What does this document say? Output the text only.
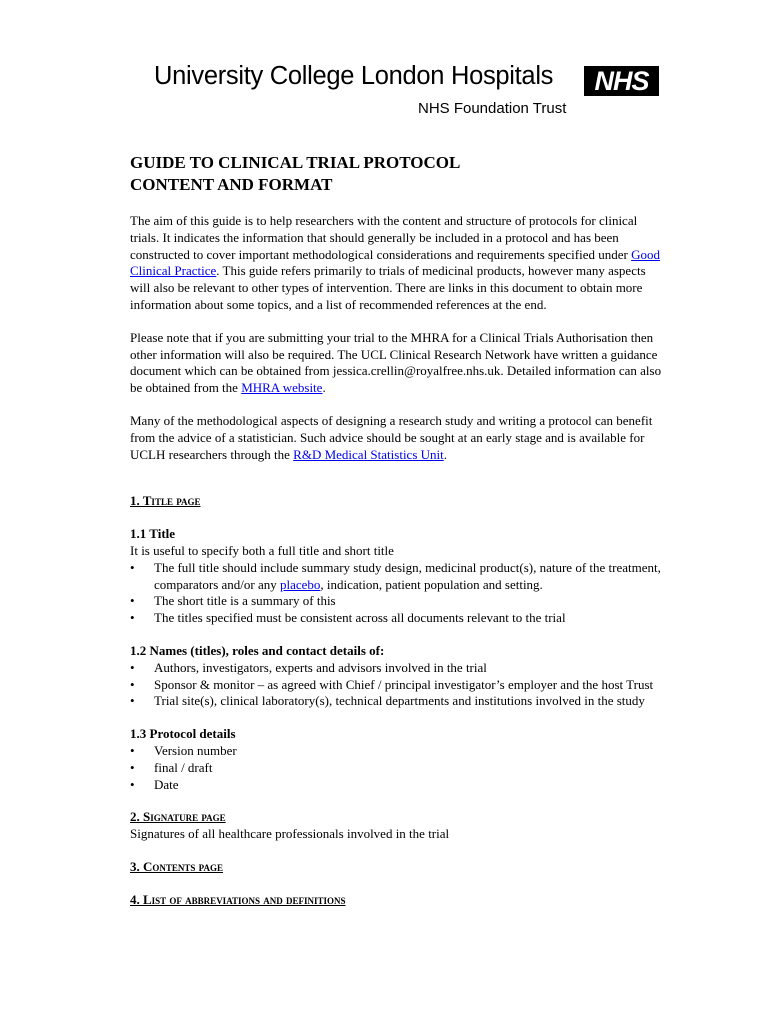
University College London Hospitals
NHS Foundation Trust
NHS
GUIDE TO CLINICAL TRIAL PROTOCOL
CONTENT AND FORMAT

The aim of this guide is to help researchers with the content and structure of protocols for clinical trials. It indicates the information that should generally be included in a protocol and has been constructed to cover important methodological considerations and requirements specified under Good Clinical Practice. This guide refers primarily to trials of medicinal products, however many aspects will also be relevant to other types of intervention. There are links in this document to obtain more information about some topics, and a list of recommended references at the end.

Please note that if you are submitting your trial to the MHRA for a Clinical Trials Authorisation then other information will also be required. The UCL Clinical Research Network have written a guidance document which can be obtained from jessica.crellin@royalfree.nhs.uk. Detailed information can also be obtained from the MHRA website.

Many of the methodological aspects of designing a research study and writing a protocol can benefit from the advice of a statistician. Such advice should be sought at an early stage and is available for UCLH researchers through the R&D Medical Statistics Unit.

1. Title page

1.1 Title

It is useful to specify both a full title and short title

• The full title should include summary study design, medicinal product(s), nature of the treatment, comparators and/or any placebo, indication, patient population and setting.
• The short title is a summary of this
• The titles specified must be consistent across all documents relevant to the trial

1.2 Names (titles), roles and contact details of:

• Authors, investigators, experts and advisors involved in the trial
• Sponsor & monitor – as agreed with Chief / principal investigator’s employer and the host Trust
• Trial site(s), clinical laboratory(s), technical departments and institutions involved in the study

1.3 Protocol details

• Version number
• final / draft
• Date

2. Signature page

Signatures of all healthcare professionals involved in the trial

3. Contents page

4. List of abbreviations and definitions
